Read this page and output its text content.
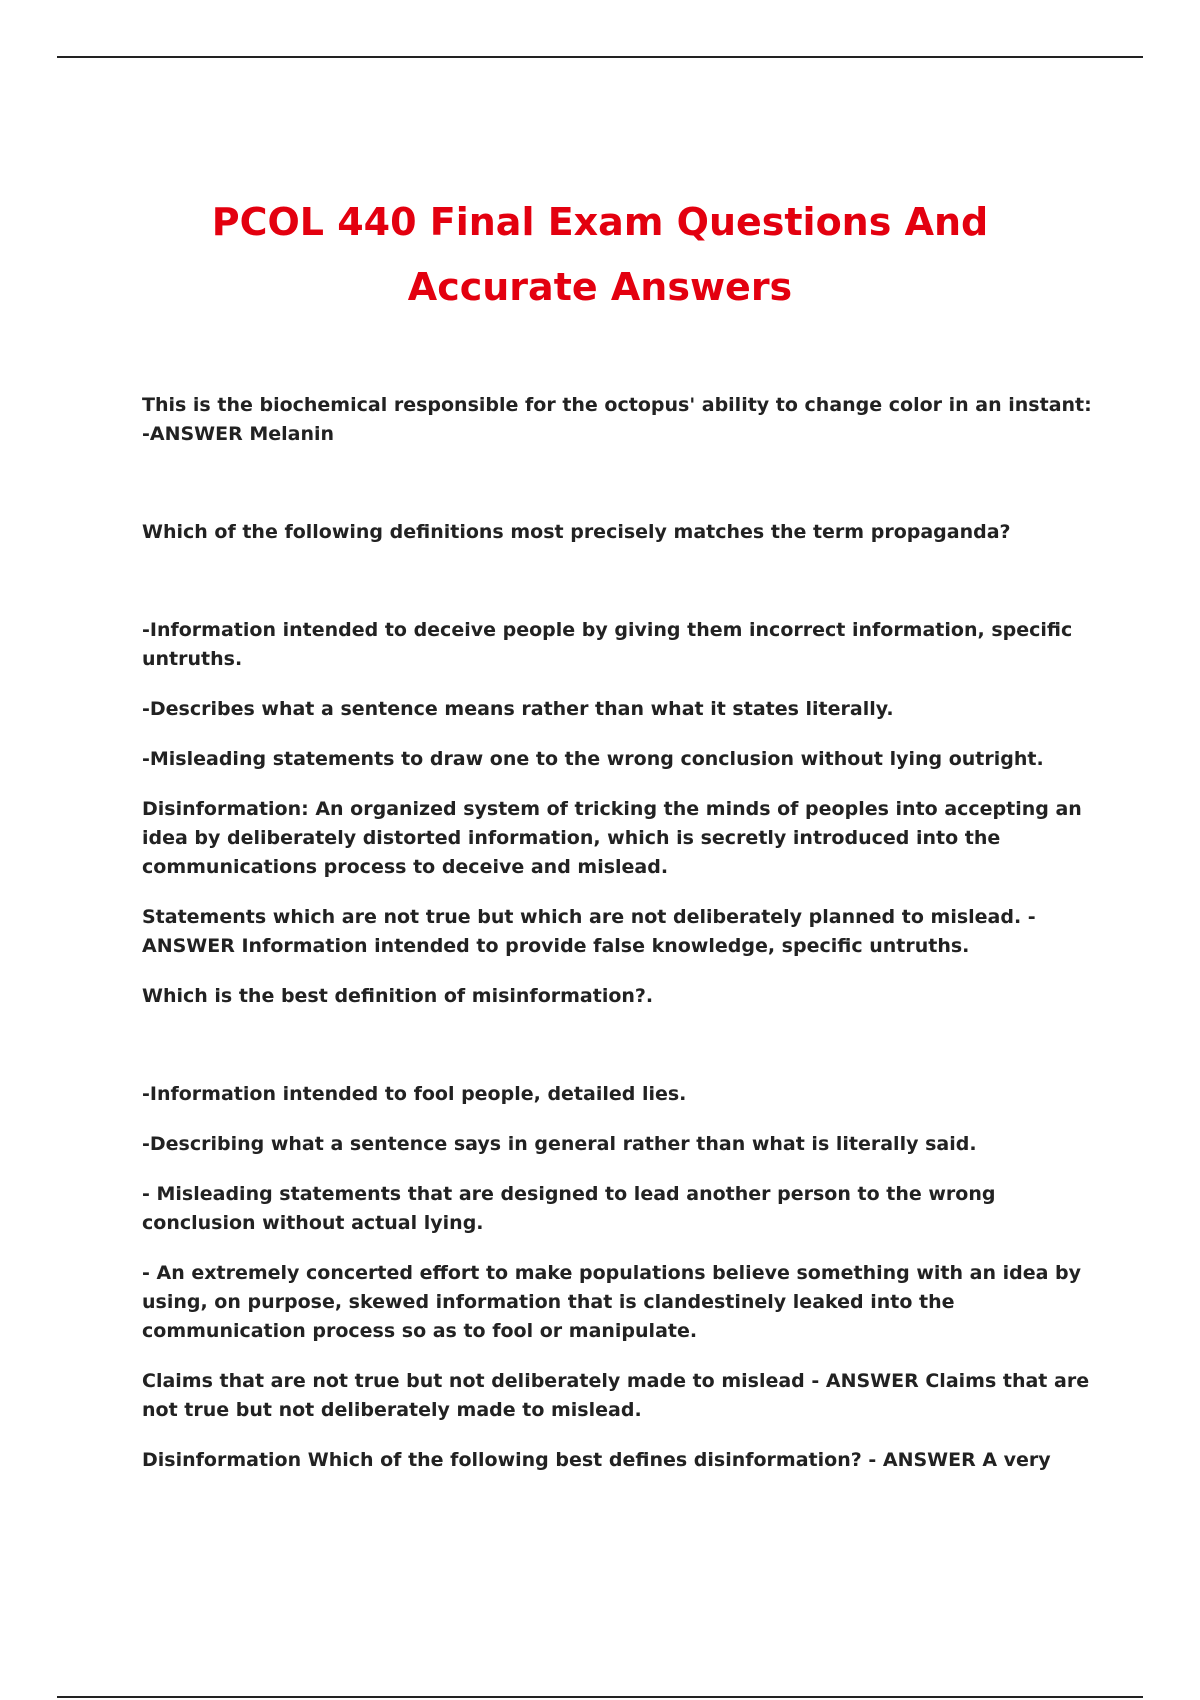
PCOL 440 Final Exam Questions And
Accurate Answers

This is the biochemical responsible for the octopus' ability to change color in an instant: -ANSWER Melanin

Which of the following definitions most precisely matches the term propaganda?

-Information intended to deceive people by giving them incorrect information, specific untruths.

-Describes what a sentence means rather than what it states literally.

-Misleading statements to draw one to the wrong conclusion without lying outright.

Disinformation: An organized system of tricking the minds of peoples into accepting an idea by deliberately distorted information, which is secretly introduced into the communications process to deceive and mislead.

Statements which are not true but which are not deliberately planned to mislead. - ANSWER Information intended to provide false knowledge, specific untruths.

Which is the best definition of misinformation?.

-Information intended to fool people, detailed lies.

-Describing what a sentence says in general rather than what is literally said.

- Misleading statements that are designed to lead another person to the wrong conclusion without actual lying.

- An extremely concerted effort to make populations believe something with an idea by using, on purpose, skewed information that is clandestinely leaked into the communication process so as to fool or manipulate.

Claims that are not true but not deliberately made to mislead - ANSWER Claims that are not true but not deliberately made to mislead.

Disinformation Which of the following best defines disinformation? - ANSWER A very
